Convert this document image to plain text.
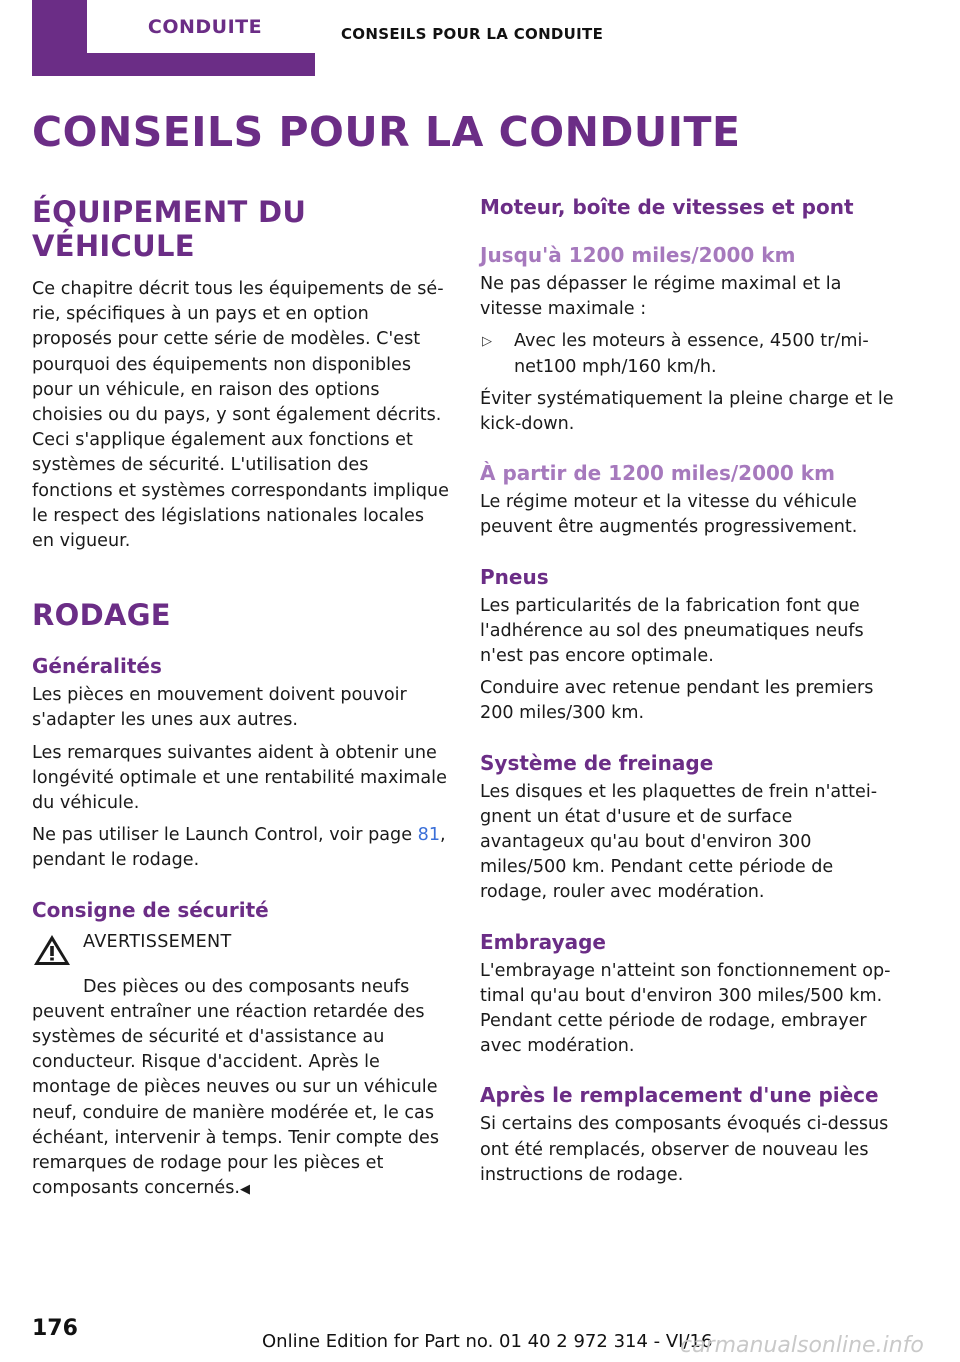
CONDUITE	CONSEILS POUR LA CONDUITE
CONSEILS POUR LA CONDUITE
ÉQUIPEMENT DU VÉHICULE

Ce chapitre décrit tous les équipements de série, spécifiques à un pays et en option proposés pour cette série de modèles. C'est pourquoi des équipements non disponibles pour un véhicule, en raison des options choisies ou du pays, y sont également décrits. Ceci s'applique également aux fonctions et systèmes de sécurité. L'utilisation des fonctions et systèmes correspondants implique le respect des législations nationales locales en vigueur.

RODAGE
Généralités

Les pièces en mouvement doivent pouvoir s'adapter les unes aux autres.

Les remarques suivantes aident à obtenir une longévité optimale et une rentabilité maximale du véhicule.

Ne pas utiliser le Launch Control, voir page 81, pendant le rodage.

Consigne de sécurité
AVERTISSEMENT

Des pièces ou des composants neufs peuvent entraîner une réaction retardée des systèmes de sécurité et d'assistance au conducteur. Risque d'accident. Après le montage de pièces neuves ou sur un véhicule neuf, conduire de manière modérée et, le cas échéant, intervenir à temps. Tenir compte des remarques de rodage pour les pièces et composants concernés.◀

Moteur, boîte de vitesses et pont
Jusqu'à 1200 miles/2000 km

Ne pas dépasser le régime maximal et la vitesse maximale :

▷ Avec les moteurs à essence, 4500 tr/minet100 mph/160 km/h.

Éviter systématiquement la pleine charge et le kick-down.

À partir de 1200 miles/2000 km

Le régime moteur et la vitesse du véhicule peuvent être augmentés progressivement.

Pneus

Les particularités de la fabrication font que l'adhérence au sol des pneumatiques neufs n'est pas encore optimale.

Conduire avec retenue pendant les premiers 200 miles/300 km.

Système de freinage

Les disques et les plaquettes de frein n'atteignent un état d'usure et de surface avantageux qu'au bout d'environ 300 miles/500 km. Pendant cette période de rodage, rouler avec modération.

Embrayage

L'embrayage n'atteint son fonctionnement optimal qu'au bout d'environ 300 miles/500 km. Pendant cette période de rodage, embrayer avec modération.

Après le remplacement d'une pièce

Si certains des composants évoqués ci-dessus ont été remplacés, observer de nouveau les instructions de rodage.

176
Online Edition for Part no. 01 40 2 972 314 - VI/16
carmanualsonline.info
